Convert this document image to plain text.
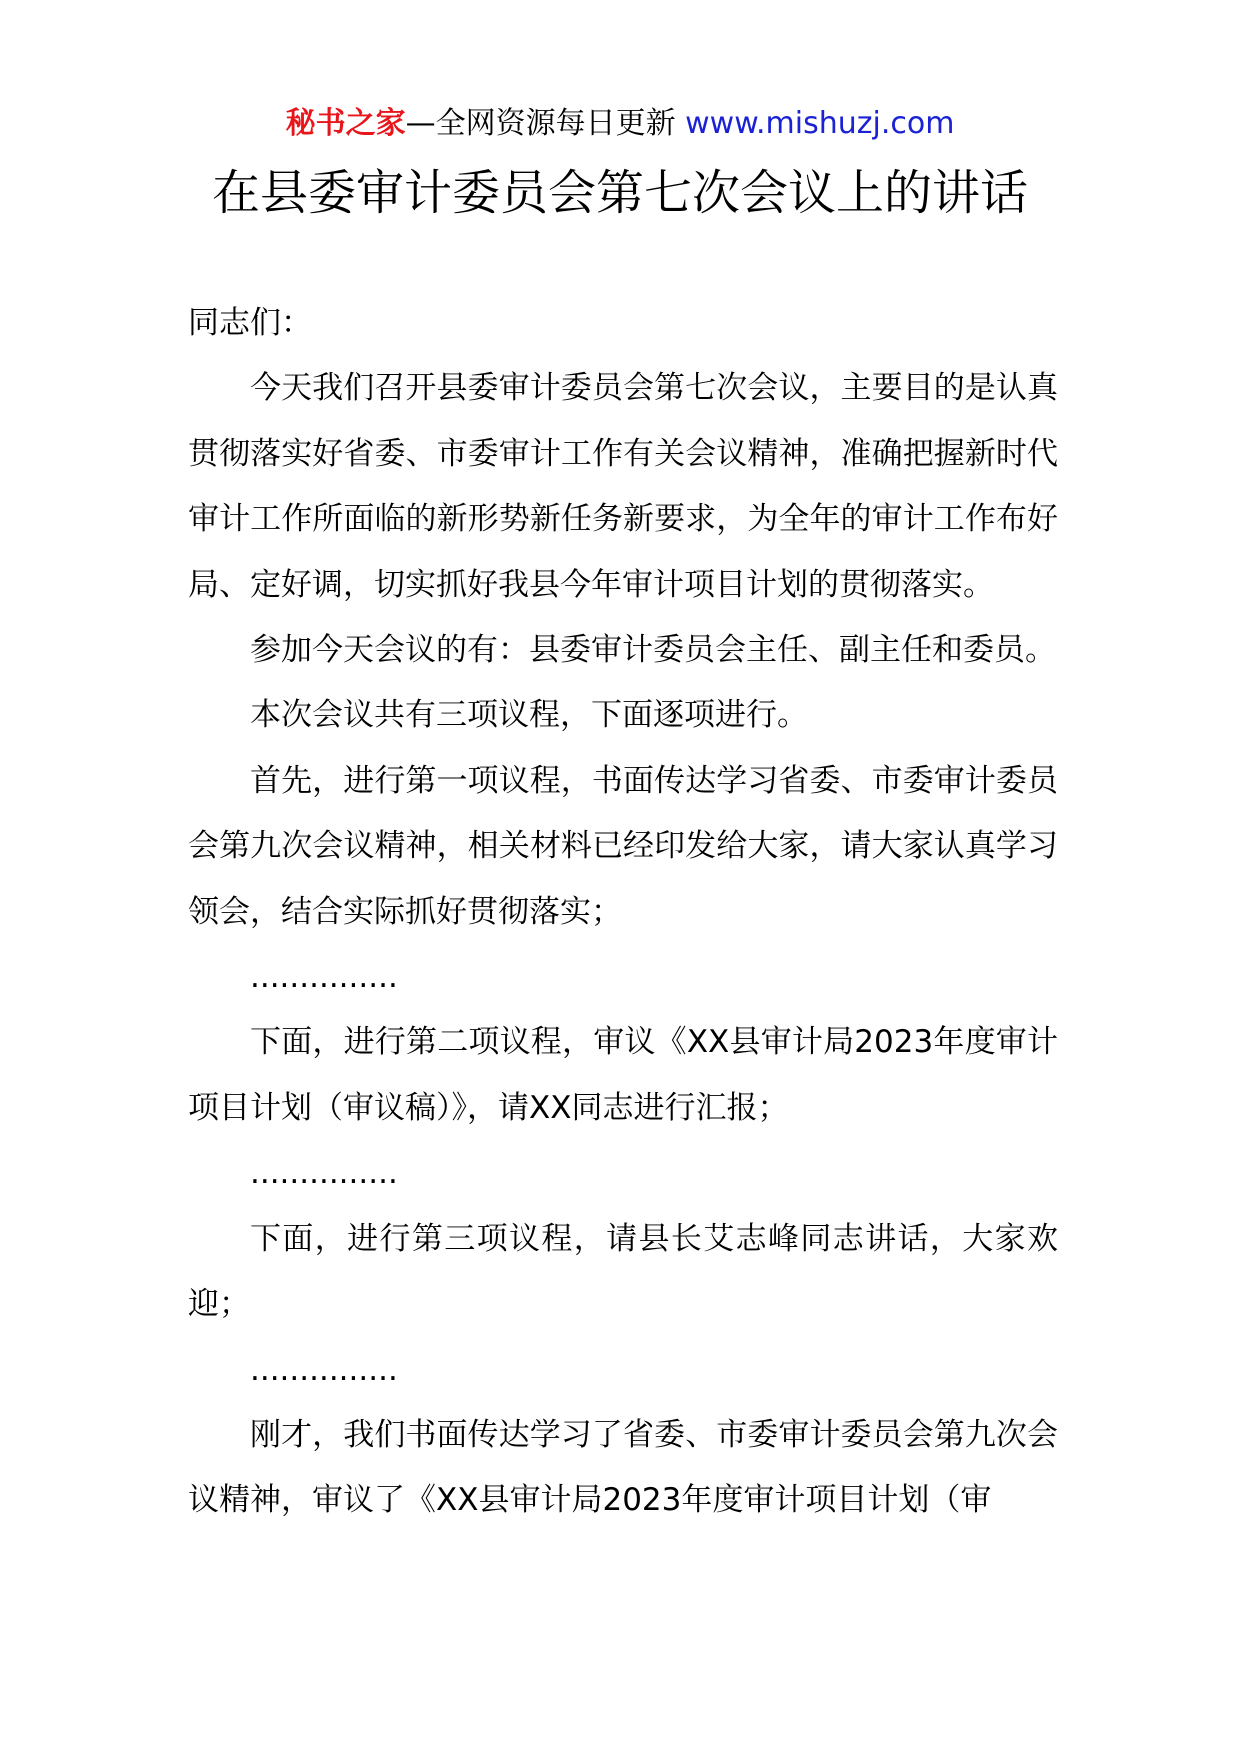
秘书之家—全网资源每日更新 www.mishuzj.com
在县委审计委员会第七次会议上的讲话

同志们：

今天我们召开县委审计委员会第七次会议，主要目的是认真贯彻落实好省委、市委审计工作有关会议精神，准确把握新时代审计工作所面临的新形势新任务新要求，为全年的审计工作布好局、定好调，切实抓好我县今年审计项目计划的贯彻落实。

参加今天会议的有：县委审计委员会主任、副主任和委员。

本次会议共有三项议程，下面逐项进行。

首先，进行第一项议程，书面传达学习省委、市委审计委员会第九次会议精神，相关材料已经印发给大家，请大家认真学习领会，结合实际抓好贯彻落实；

...............

下面，进行第二项议程，审议《XX县审计局2023年度审计项目计划（审议稿）》，请XX同志进行汇报；

...............

下面，进行第三项议程，请县长艾志峰同志讲话，大家欢迎；

...............

刚才，我们书面传达学习了省委、市委审计委员会第九次会议精神，审议了《XX县审计局2023年度审计项目计划（审
